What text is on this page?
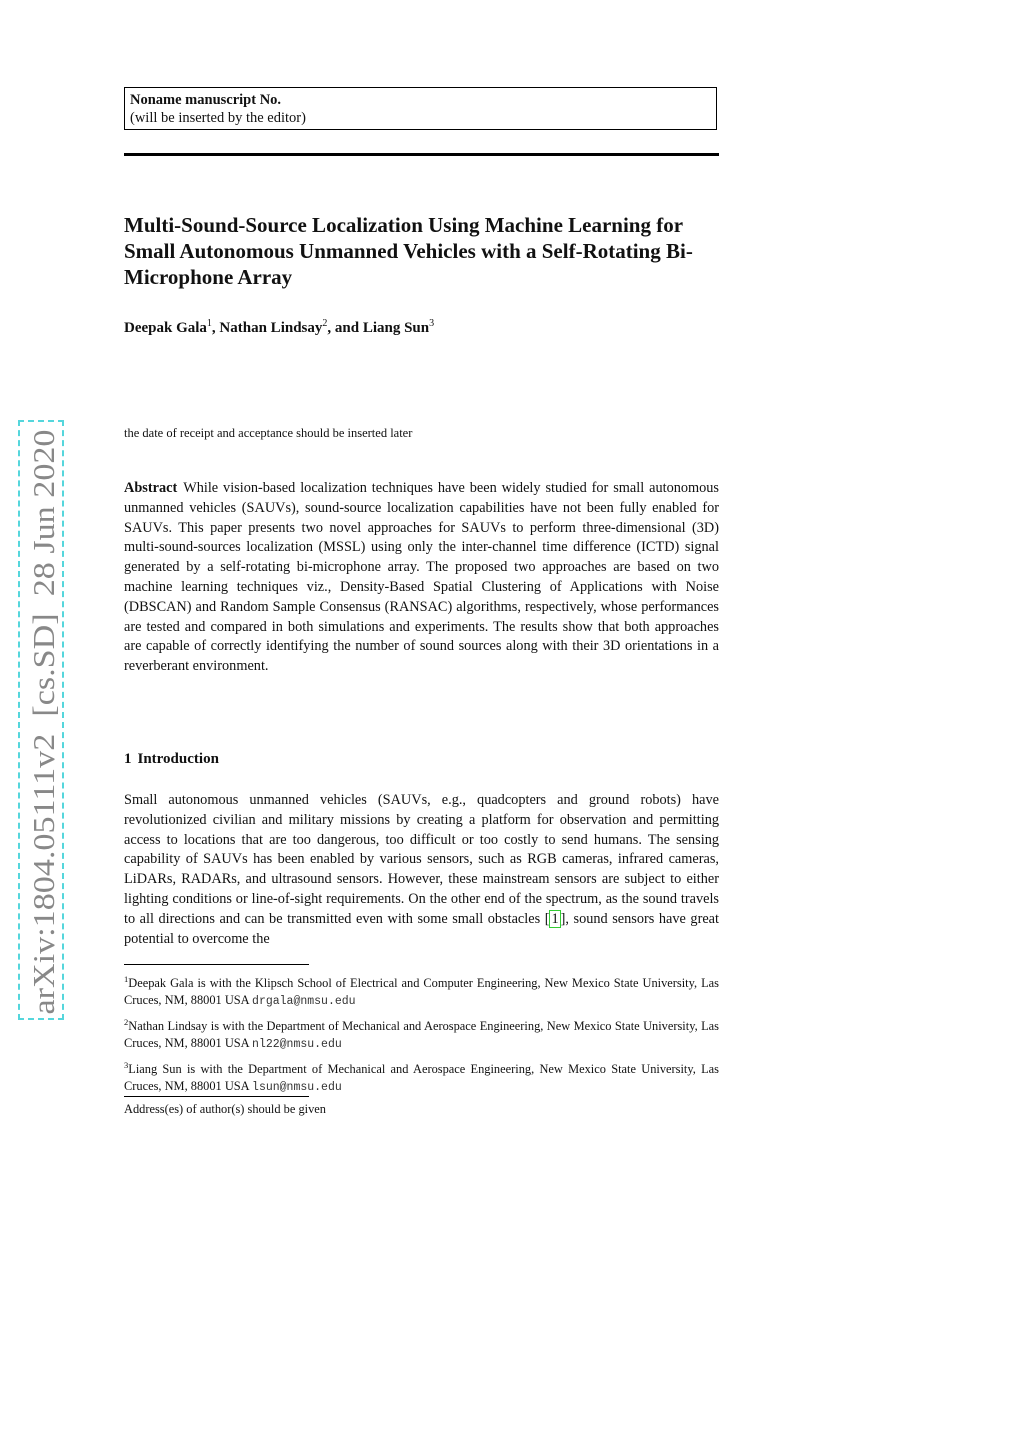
Noname manuscript No.
(will be inserted by the editor)
Multi-Sound-Source Localization Using Machine Learning for Small Autonomous Unmanned Vehicles with a Self-Rotating Bi-Microphone Array

Deepak Gala$^1$, Nathan Lindsay$^2$, and Liang Sun$^3$

the date of receipt and acceptance should be inserted later

Abstract While vision-based localization techniques have been widely studied for small autonomous unmanned vehicles (SAUVs), sound-source localization capabilities have not been fully enabled for SAUVs. This paper presents two novel approaches for SAUVs to perform three-dimensional (3D) multi-sound-sources localization (MSSL) using only the inter-channel time difference (ICTD) signal generated by a self-rotating bi-microphone array. The proposed two approaches are based on two machine learning techniques viz., Density-Based Spatial Clustering of Applications with Noise (DBSCAN) and Random Sample Consensus (RANSAC) algorithms, respectively, whose performances are tested and compared in both simulations and experiments. The results show that both approaches are capable of correctly identifying the number of sound sources along with their 3D orientations in a reverberant environment.

1 Introduction

Small autonomous unmanned vehicles (SAUVs, e.g., quadcopters and ground robots) have revolutionized civilian and military missions by creating a platform for observation and permitting access to locations that are too dangerous, too difficult or too costly to send humans. The sensing capability of SAUVs has been enabled by various sensors, such as RGB cameras, infrared cameras, LiDARs, RADARs, and ultrasound sensors. However, these mainstream sensors are subject to either lighting conditions or line-of-sight requirements. On the other end of the spectrum, as the sound travels to all directions and can be transmitted even with some small obstacles [ 1 ], sound sensors have great potential to overcome the

$^1$Deepak Gala is with the Klipsch School of Electrical and Computer Engineering, New Mexico State University, Las Cruces, NM, 88001 USA drgala@nmsu.edu

$^2$Nathan Lindsay is with the Department of Mechanical and Aerospace Engineering, New Mexico State University, Las Cruces, NM, 88001 USA nl22@nmsu.edu

$^3$Liang Sun is with the Department of Mechanical and Aerospace Engineering, New Mexico State University, Las Cruces, NM, 88001 USA lsun@nmsu.edu

Address(es) of author(s) should be given

arXiv:1804.05111v2  [cs.SD]  28 Jun 2020
